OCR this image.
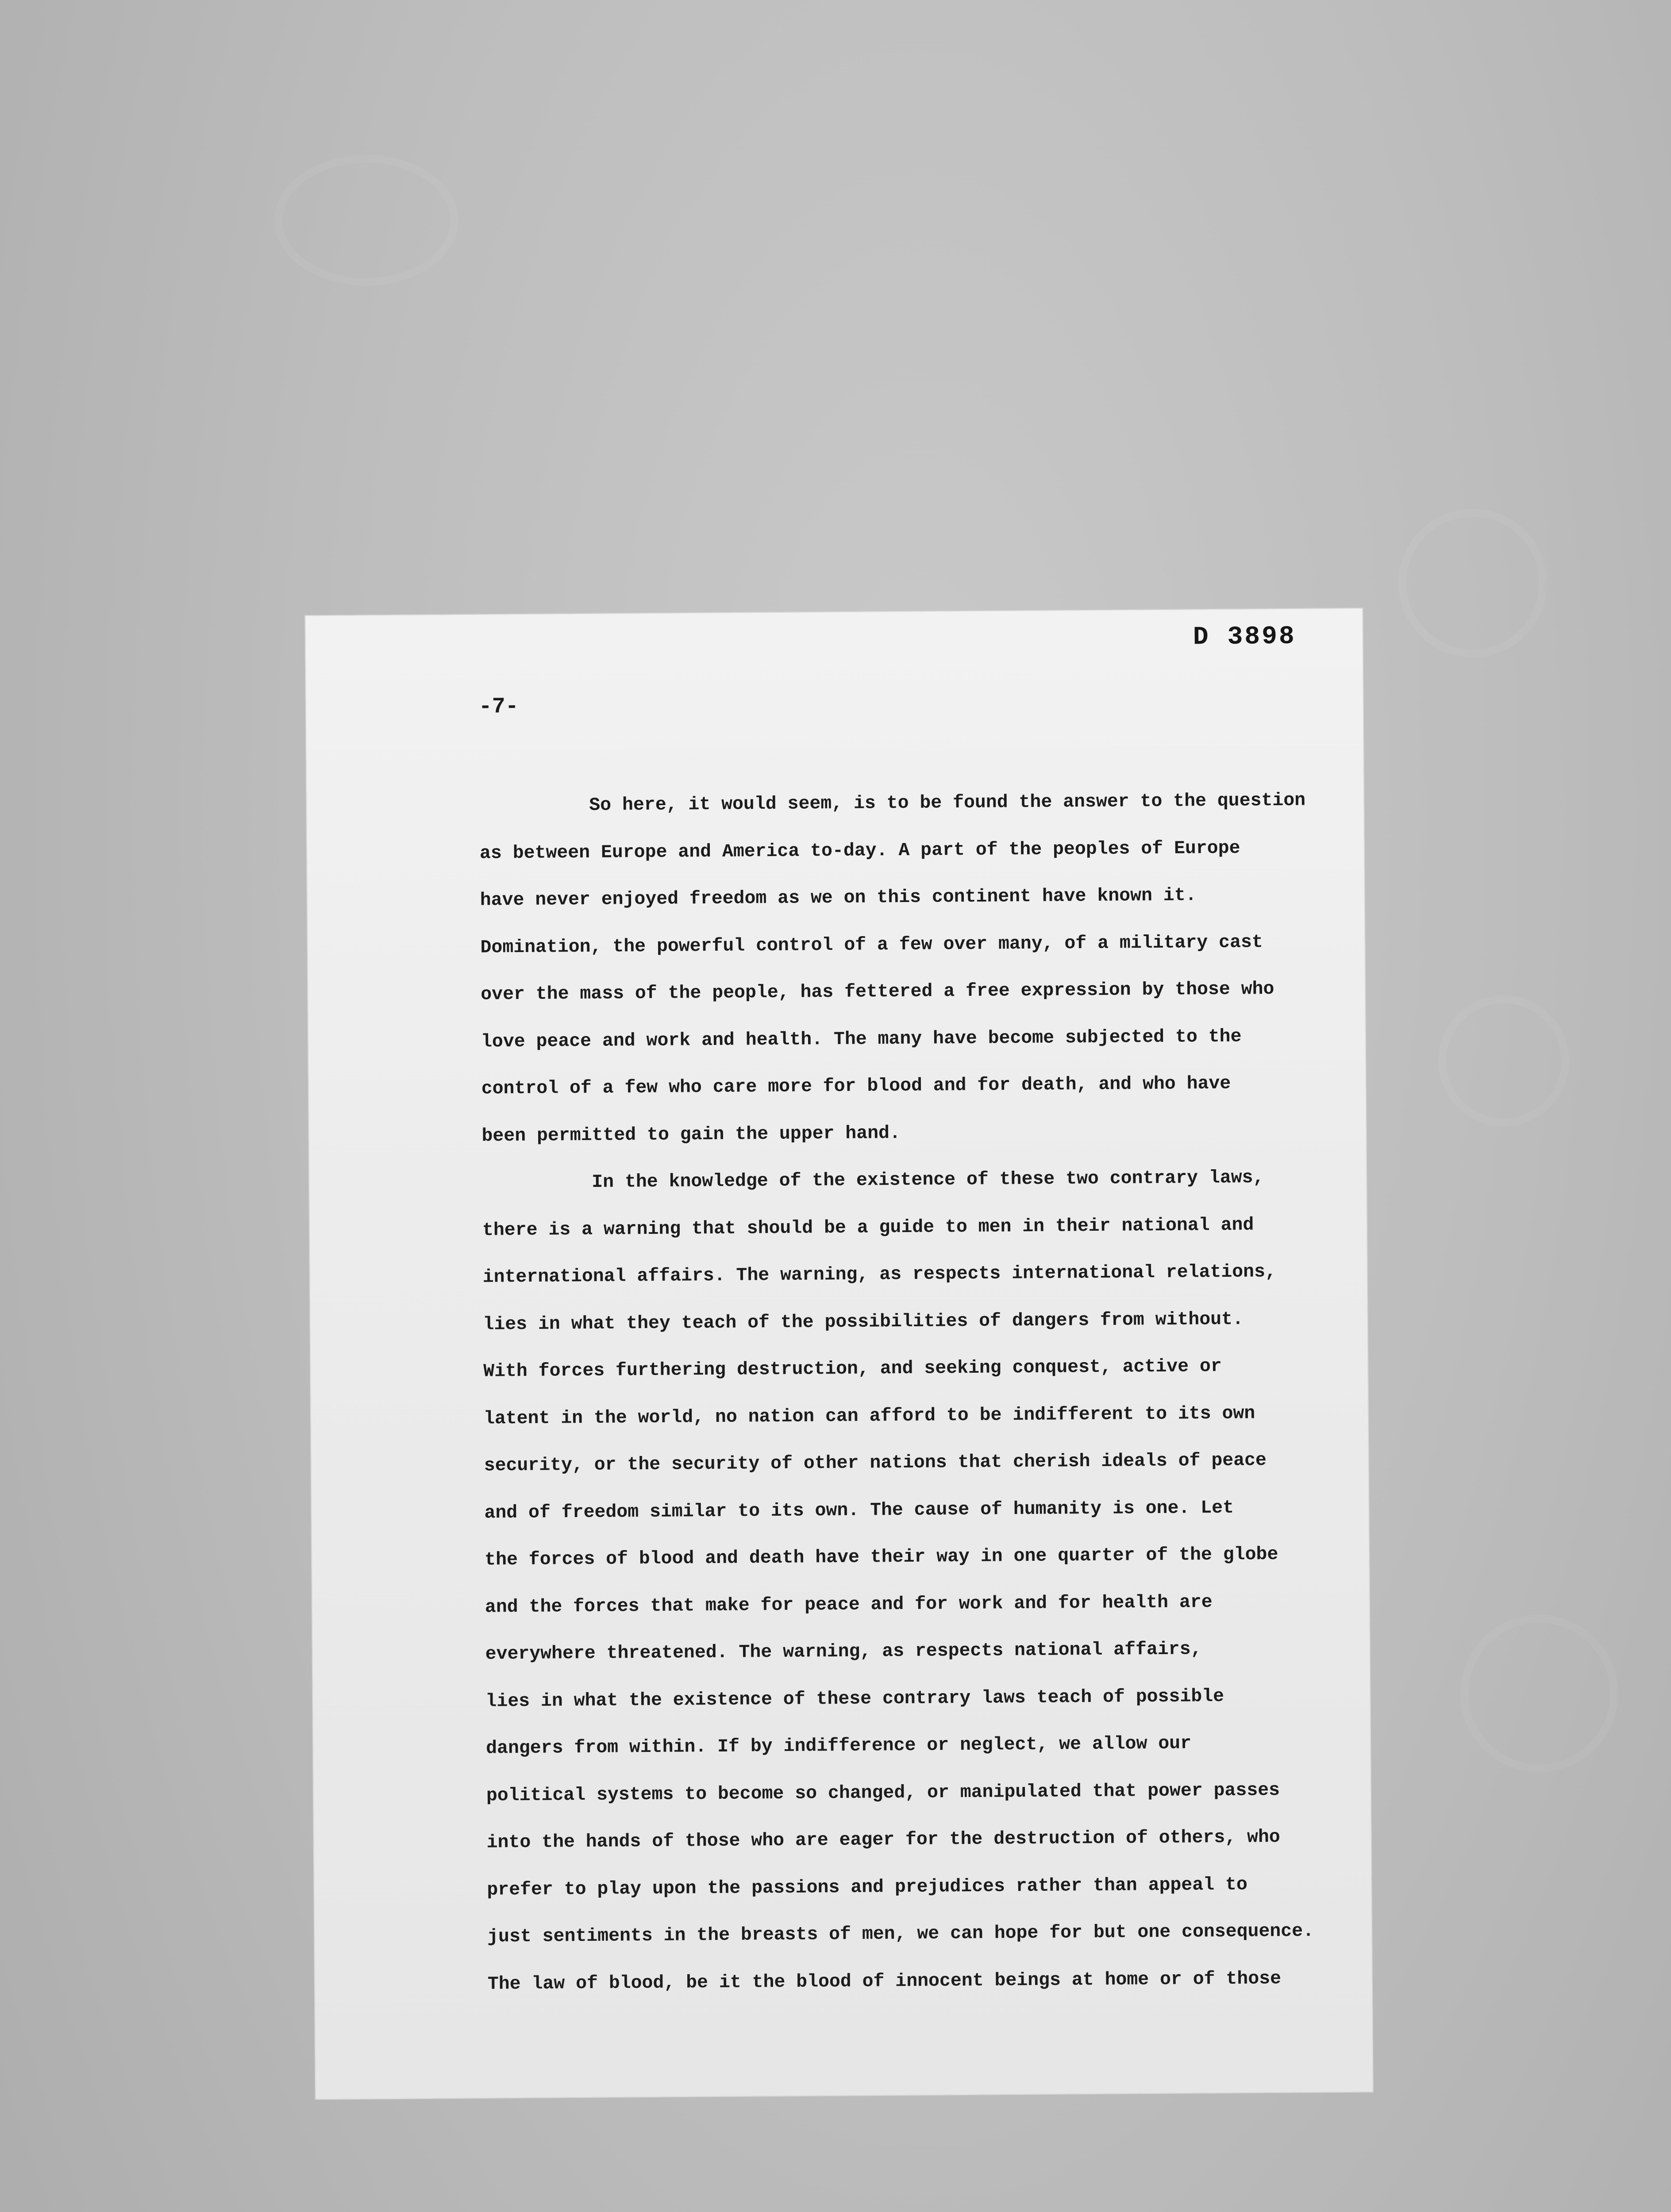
D 3898
-7-
So here, it would seem, is to be found the answer to the question
as between Europe and America to-day. A part of the peoples of Europe
have never enjoyed freedom as we on this continent have known it.
Domination, the powerful control of a few over many, of a military cast
over the mass of the people, has fettered a free expression by those who
love peace and work and health. The many have become subjected to the
control of a few who care more for blood and for death, and who have
been permitted to gain the upper hand.
In the knowledge of the existence of these two contrary laws,
there is a warning that should be a guide to men in their national and
international affairs. The warning, as respects international relations,
lies in what they teach of the possibilities of dangers from without.
With forces furthering destruction, and seeking conquest, active or
latent in the world, no nation can afford to be indifferent to its own
security, or the security of other nations that cherish ideals of peace
and of freedom similar to its own. The cause of humanity is one. Let
the forces of blood and death have their way in one quarter of the globe
and the forces that make for peace and for work and for health are
everywhere threatened. The warning, as respects national affairs,
lies in what the existence of these contrary laws teach of possible
dangers from within. If by indifference or neglect, we allow our
political systems to become so changed, or manipulated that power passes
into the hands of those who are eager for the destruction of others, who
prefer to play upon the passions and prejudices rather than appeal to
just sentiments in the breasts of men, we can hope for but one consequence.
The law of blood, be it the blood of innocent beings at home or of those
